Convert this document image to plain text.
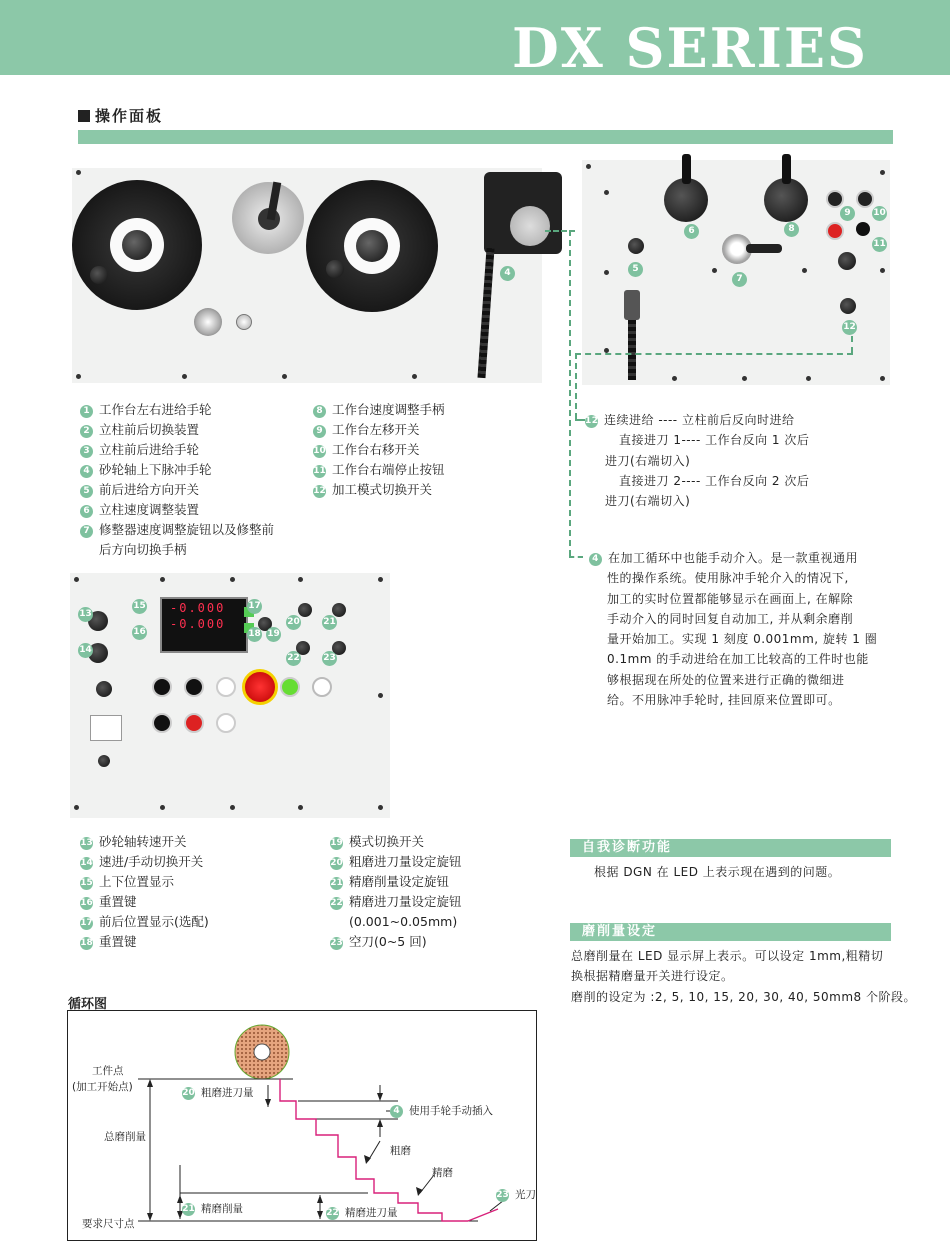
DX SERIES
操作面板
4
6
5
7
8
9	10
11
12
1 工作台左右进给手轮
2 立柱前后切换装置
3 立柱前后进给手轮
4 砂轮轴上下脉冲手轮
5 前后进给方向开关
6 立柱速度调整装置
7 修整器速度调整旋钮以及修整前
后方向切换手柄
8 工作台速度调整手柄
9 工作台左移开关
10 工作台右移开关
11 工作台右端停止按钮
12 加工模式切换开关
12 连续进给 ---- 立柱前后反向时进给
直接进刀 1---- 工作台反向 1 次后
进刀(右端切入)
直接进刀 2---- 工作台反向 2 次后
进刀(右端切入)
4 在加工循环中也能手动介入。是一款重视通用
性的操作系统。使用脉冲手轮介入的情况下,
加工的实时位置都能够显示在画面上, 在解除
手动介入的同时回复自动加工, 并从剩余磨削
量开始加工。实现 1 刻度 0.001mm, 旋转 1 圈
0.1mm 的手动进给在加工比较高的工件时也能
够根据现在所处的位置来进行正确的微细进
给。不用脉冲手轮时, 挂回原来位置即可。
-0.000
-0.000
13
14
15
16
17
18 19
20	21
22	23
13 砂轮轴转速开关
14 速进/手动切换开关
15 上下位置显示
16 重置键
17 前后位置显示(选配)
18 重置键
19 模式切换开关
20 粗磨进刀量设定旋钮
21 精磨削量设定旋钮
22 精磨进刀量设定旋钮
(0.001~0.05mm)
23 空刀(0~5 回)
自我诊断功能
根据 DGN 在 LED 上表示现在遇到的问题。
磨削量设定
总磨削量在 LED 显示屏上表示。可以设定 1mm,粗精切
换根据精磨量开关进行设定。
磨削的设定为 :2, 5, 10, 15, 20, 30, 40, 50mm8 个阶段。
循环图
工件点
(加工开始点)
总磨削量
要求尺寸点
20 粗磨进刀量
4 使用手轮手动插入
粗磨
精磨
23 光刀
21 精磨削量	22 精磨进刀量
